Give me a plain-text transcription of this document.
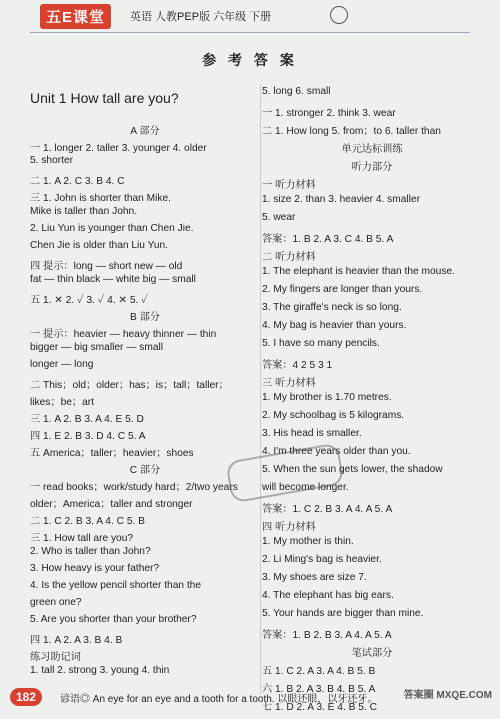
五E课堂	英语 人教PEP版 六年级 下册
参 考 答 案
Unit 1 How tall are you?
A 部分
一 1. longer 2. taller 3. younger 4. older
5. shorter
二 1. A 2. C 3. B 4. C
三 1. John is shorter than Mike.
Mike is taller than John.
2. Liu Yun is younger than Chen Jie.
Chen Jie is older than Liu Yun.
四 提示：long — short new — old
fat — thin black — white big — small
五 1. ✕ 2. ✓ 3. ✓ 4. ✕ 5. ✓
B 部分
一 提示：heavier — heavy thinner — thin
bigger — big smaller — small
longer — long
二 This；old；older；has；is；tall；taller；
likes；be；art
三 1. A 2. B 3. A 4. E 5. D
四 1. E 2. B 3. D 4. C 5. A
五 America；taller；heavier；shoes
C 部分
一 read books；work/study hard；2/two years
older；America；taller and stronger
二 1. C 2. B 3. A 4. C 5. B
三 1. How tall are you?
2. Who is taller than John?
3. How heavy is your father?
4. Is the yellow pencil shorter than the
green one?
5. Are you shorter than your brother?
四 1. A 2. A 3. B 4. B
练习助记词
1. tall 2. strong 3. young 4. thin
5. long 6. small
一 1. stronger 2. think 3. wear
二 1. How long 5. from；to 6. taller than
单元达标训练
听力部分
一 听力材料
1. size 2. than 3. heavier 4. smaller
5. wear
答案：1. B 2. A 3. C 4. B 5. A
二 听力材料
1. The elephant is heavier than the mouse.
2. My fingers are longer than yours.
3. The giraffe's neck is so long.
4. My bag is heavier than yours.
5. I have so many pencils.
答案：4 2 5 3 1
三 听力材料
1. My brother is 1.70 metres.
2. My schoolbag is 5 kilograms.
3. His head is smaller.
4. I'm three years older than you.
5. When the sun gets lower, the shadow
will become longer.
答案：1. C 2. B 3. A 4. A 5. A
四 听力材料
1. My mother is thin.
2. Li Ming's bag is heavier.
3. My shoes are size 7.
4. The elephant has big ears.
5. Your hands are bigger than mine.
答案：1. B 2. B 3. A 4. A 5. A
笔试部分
五 1. C 2. A 3. A 4. B 5. B
六 1. B 2. A 3. B 4. B 5. A
七 1. D 2. A 3. E 4. B 5. C
182	谚语◎ An eye for an eye and a tooth for a tooth. 以眼还眼，以牙还牙。	答案圈 MXQE.COM
